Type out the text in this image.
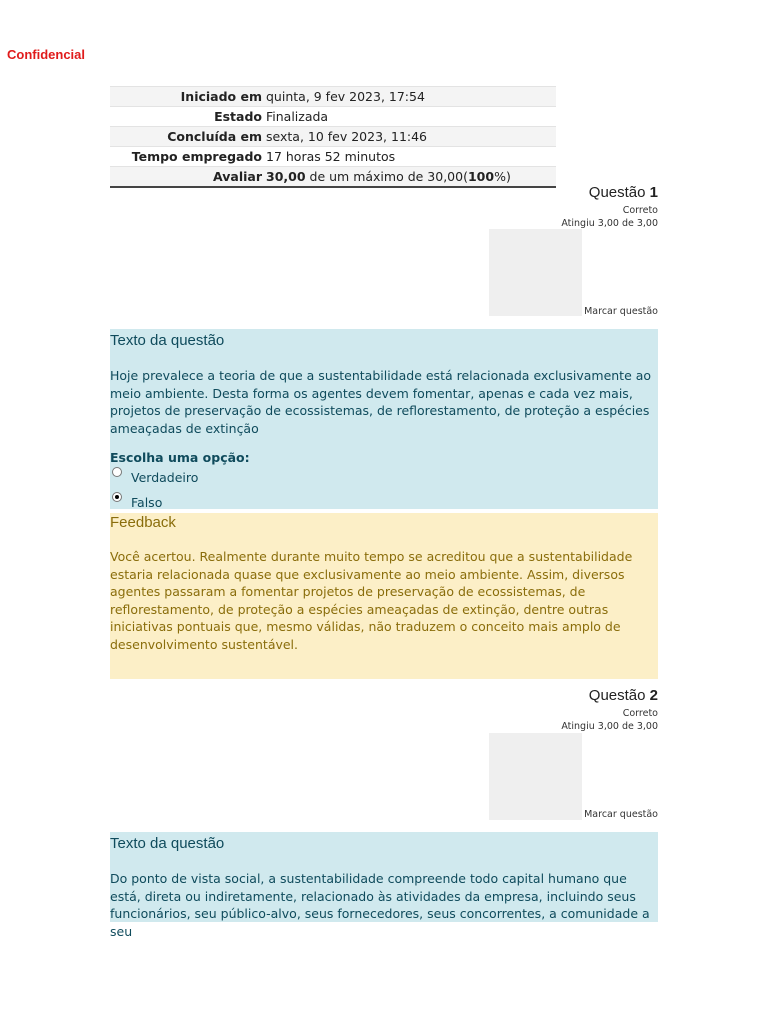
Confidencial
Iniciado em	quinta, 9 fev 2023, 17:54
Estado	Finalizada
Concluída em	sexta, 10 fev 2023, 11:46
Tempo empregado	17 horas 52 minutos
Avaliar	30,00 de um máximo de 30,00(100%)
Questão 1
Correto
Atingiu 3,00 de 3,00
Marcar questão
Texto da questão

Hoje prevalece a teoria de que a sustentabilidade está relacionada exclusivamente ao meio ambiente. Desta forma os agentes devem fomentar, apenas e cada vez mais, projetos de preservação de ecossistemas, de reflorestamento, de proteção a espécies ameaçadas de extinção

Escolha uma opção:
Verdadeiro
Falso
Feedback

Você acertou. Realmente durante muito tempo se acreditou que a sustentabilidade estaria relacionada quase que exclusivamente ao meio ambiente. Assim, diversos agentes passaram a fomentar projetos de preservação de ecossistemas, de reflorestamento, de proteção a espécies ameaçadas de extinção, dentre outras iniciativas pontuais que, mesmo válidas, não traduzem o conceito mais amplo de desenvolvimento sustentável.

Questão 2
Correto
Atingiu 3,00 de 3,00
Marcar questão
Texto da questão

Do ponto de vista social, a sustentabilidade compreende todo capital humano que está, direta ou indiretamente, relacionado às atividades da empresa, incluindo seus funcionários, seu público-alvo, seus fornecedores, seus concorrentes, a comunidade a seu
